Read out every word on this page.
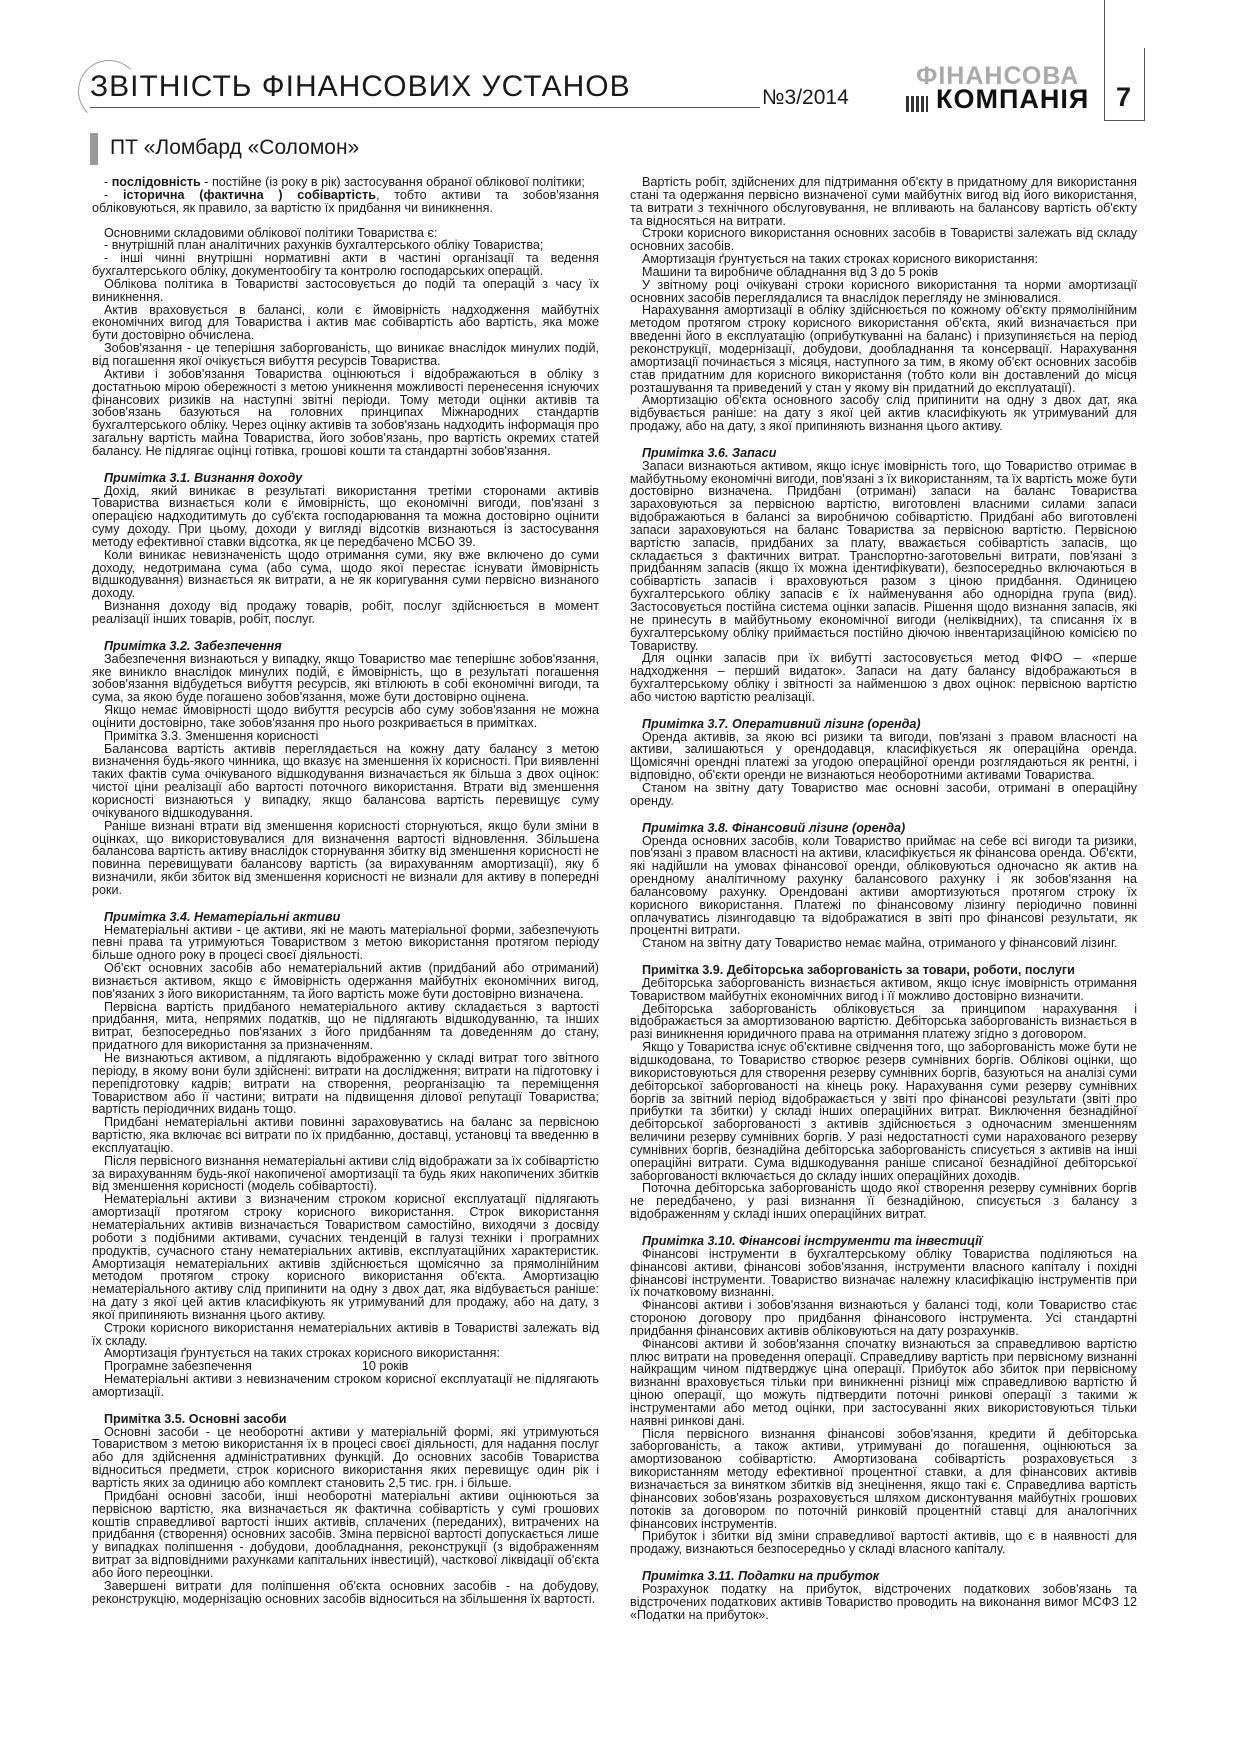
ЗВІТНІСТЬ ФІНАНСОВИХ УСТАНОВ	№3/2014
ФІНАНСОВА
КОМПАНІЯ 7
ПТ «Ломбард «Соломон»

- послідовність - постійне (із року в рік) застосування обраної облікової політики;

- історична (фактична ) собівартість, тобто активи та зобов'язання обліковуються, як правило, за вартістю їх придбання чи виникнення.

Основними складовими облікової політики Товариства є:

- внутрішній план аналітичних рахунків бухгалтерського обліку Товариства;

- інші чинні внутрішні нормативні акти в частині організації та ведення бухгалтерського обліку, документообігу та контролю господарських операцій.

Облікова політика в Товаристві застосовується до подій та операцій з часу їх виникнення.

Актив враховується в балансі, коли є ймовірність надходження майбутніх економічних вигод для Товариства і актив має собівартість або вартість, яка може бути достовірно обчислена.

Зобов'язання - це теперішня заборгованість, що виникає внаслідок минулих подій, від погашення якої очікується вибуття ресурсів Товариства.

Активи і зобов'язання Товариства оцінюються і відображаються в обліку з достатньою мірою обережності з метою уникнення можливості перенесення існуючих фінансових ризиків на наступні звітні періоди. Тому методи оцінки активів та зобов'язань базуються на головних принципах Міжнародних стандартів бухгалтерського обліку. Через оцінку активів та зобов'язань надходить інформація про загальну вартість майна Товариства, його зобов'язань, про вартість окремих статей балансу. Не підлягає оцінці готівка, грошові кошти та стандартні зобов'язання.

Примітка 3.1. Визнання доходу

Дохід, який виникає в результаті використання третіми сторонами активів Товариства визнається коли є ймовірність, що економічні вигоди, пов'язані з операцією надходитимуть до суб'єкта господарювання та можна достовірно оцінити суму доходу. При цьому, доходи у вигляді відсотків визнаються із застосування методу ефективної ставки відсотка, як це передбачено МСБО 39.

Коли виникає невизначеність щодо отримання суми, яку вже включено до суми доходу, недотримана сума (або сума, щодо якої перестає існувати ймовірність відшкодування) визнається як витрати, а не як коригування суми первісно визнаного доходу.

Визнання доходу від продажу товарів, робіт, послуг здійснюється в момент реалізації інших товарів, робіт, послуг.

Примітка 3.2. Забезпечення

Забезпечення визнаються у випадку, якщо Товариство має теперішнє зобов'язання, яке виникло внаслідок минулих подій, є ймовірність, що в результаті погашення зобов'язання відбудеться вибуття ресурсів, які втілюють в собі економічні вигоди, та сума, за якою буде погашено зобов'язання, може бути достовірно оцінена.

Якщо немає ймовірності щодо вибуття ресурсів або суму зобов'язання не можна оцінити достовірно, таке зобов'язання про нього розкривається в примітках.

Примітка 3.3. Зменшення корисності

Балансова вартість активів переглядається на кожну дату балансу з метою визначення будь-якого чинника, що вказує на зменшення їх корисності. При виявленні таких фактів сума очікуваного відшкодування визначається як більша з двох оцінок: чистої ціни реалізації або вартості поточного використання. Втрати від зменшення корисності визнаються у випадку, якщо балансова вартість перевищує суму очікуваного відшкодування.

Раніше визнані втрати від зменшення корисності сторнуються, якщо були зміни в оцінках, що використовувалися для визначення вартості відновлення. Збільшена балансова вартість активу внаслідок сторнування збитку від зменшення корисності не повинна перевищувати балансову вартість (за вирахуванням амортизації), яку б визначили, якби збиток від зменшення корисності не визнали для активу в попередні роки.

Примітка 3.4. Нематеріальні активи

Нематеріальні активи - це активи, які не мають матеріальної форми, забезпечують певні права та утримуються Товариством з метою використання протягом періоду більше одного року в процесі своєї діяльності.

Об'єкт основних засобів або нематеріальний актив (придбаний або отриманий) визнається активом, якщо є ймовірність одержання майбутніх економічних вигод, пов'язаних з його використанням, та його вартість може бути достовірно визначена.

Первісна вартість придбаного нематеріального активу складається з вартості придбання, мита, непрямих податків, що не підлягають відшкодуванню, та інших витрат, безпосередньо пов'язаних з його придбанням та доведенням до стану, придатного для використання за призначенням.

Не визнаються активом, а підлягають відображенню у складі витрат того звітного періоду, в якому вони були здійснені: витрати на дослідження; витрати на підготовку і перепідготовку кадрів; витрати на створення, реорганізацію та переміщення Товариством або її частини; витрати на підвищення ділової репутації Товариства; вартість періодичних видань тощо.

Придбані нематеріальні активи повинні зараховуватись на баланс за первісною вартістю, яка включає всі витрати по їх придбанню, доставці, установці та введенню в експлуатацію.

Після первісного визнання нематеріальні активи слід відображати за їх собівартістю за вирахуванням будь-якої накопиченої амортизації та будь яких накопичених збитків від зменшення корисності (модель собівартості).

Нематеріальні активи з визначеним строком корисної експлуатації підлягають амортизації протягом строку корисного використання. Строк використання нематеріальних активів визначається Товариством самостійно, виходячи з досвіду роботи з подібними активами, сучасних тенденцій в галузі техніки і програмних продуктів, сучасного стану нематеріальних активів, експлуатаційних характеристик. Амортизація нематеріальних активів здійснюється щомісячно за прямолінійним методом протягом строку корисного використання об'єкта. Амортизацію нематеріального активу слід припинити на одну з двох дат, яка відбувається раніше: на дату з якої цей актив класифікують як утримуваний для продажу, або на дату, з якої припиняють визнання цього активу.

Строки корисного використання нематеріальних активів в Товаристві залежать від їх складу.

Амортизація ґрунтується на таких строках корисного використання:

Програмне забезпечення	10 років

Нематеріальні активи з невизначеним строком корисної експлуатації не підлягають амортизації.

Примітка 3.5. Основні засоби

Основні засоби - це необоротні активи у матеріальній формі, які утримуються Товариством з метою використання їх в процесі своєї діяльності, для надання послуг або для здійснення адміністративних функцій. До основних засобів Товариства відноситься предмети, строк корисного використання яких перевищує один рік і вартість яких за одиницю або комплект становить 2,5 тис. грн. і більше.

Придбані основні засоби, інші необоротні матеріальні активи оцінюються за первісною вартістю, яка визначається як фактична собівартість у сумі грошових коштів справедливої вартості інших активів, сплачених (переданих), витрачених на придбання (створення) основних засобів. Зміна первісної вартості допускається лише у випадках поліпшення - добудови, дообладнання, реконструкції (з відображенням витрат за відповідними рахунками капітальних інвестицій), часткової ліквідації об'єкта або його переоцінки.

Завершені витрати для поліпшення об'єкта основних засобів - на добудову, реконструкцію, модернізацію основних засобів відноситься на збільшення їх вартості.

Вартість робіт, здійснених для підтримання об'єкту в придатному для використання стані та одержання первісно визначеної суми майбутніх вигод від його використання, та витрати з технічного обслуговування, не впливають на балансову вартість об'єкту та відносяться на витрати.

Строки корисного використання основних засобів в Товаристві залежать від складу основних засобів.

Амортизація ґрунтується на таких строках корисного використання:

Машини та виробниче обладнання від 3 до 5 років

У звітному році очікувані строки корисного використання та норми амортизації основних засобів переглядалися та внаслідок перегляду не змінювалися.

Нарахування амортизації в обліку здійснюється по кожному об'єкту прямолінійним методом протягом строку корисного використання об'єкта, який визначається при введенні його в експлуатацію (оприбуткуванні на баланс) і призупиняється на період реконструкції, модернізації, добудови, дообладнання та консервації. Нарахування амортизації починається з місяця, наступного за тим, в якому об'єкт основних засобів став придатним для корисного використання (тобто коли він доставлений до місця розташування та приведений у стан у якому він придатний до експлуатації).

Амортизацію об'єкта основного засобу слід припинити на одну з двох дат, яка відбувається раніше: на дату з якої цей актив класифікують як утримуваний для продажу, або на дату, з якої припиняють визнання цього активу.

Примітка 3.6. Запаси

Запаси визнаються активом, якщо існує імовірність того, що Товариство отримає в майбутньому економічні вигоди, пов'язані з їх використанням, та їх вартість може бути достовірно визначена. Придбані (отримані) запаси на баланс Товариства зараховуються за первісною вартістю, виготовлені власними силами запаси відображаються в балансі за виробничою собівартістю. Придбані або виготовлені запаси зараховуються на баланс Товариства за первісною вартістю. Первісною вартістю запасів, придбаних за плату, вважається собівартість запасів, що складається з фактичних витрат. Транспортно-заготовельні витрати, пов'язані з придбанням запасів (якщо їх можна ідентифікувати), безпосередньо включаються в собівартість запасів і враховуються разом з ціною придбання. Одиницею бухгалтерського обліку запасів є їх найменування або однорідна група (вид). Застосовується постійна система оцінки запасів. Рішення щодо визнання запасів, які не принесуть в майбутньому економічної вигоди (неліквідних), та списання їх в бухгалтерському обліку приймається постійно діючою інвентаризаційною комісією по Товариству.

Для оцінки запасів при їх вибутті застосовується метод ФІФО – «перше надходження – перший видаток». Запаси на дату балансу відображаються в бухгалтерському обліку і звітності за найменшою з двох оцінок: первісною вартістю або чистою вартістю реалізації.

Примітка 3.7. Оперативний лізинг (оренда)

Оренда активів, за якою всі ризики та вигоди, пов'язані з правом власності на активи, залишаються у орендодавця, класифікується як операційна оренда. Щомісячні орендні платежі за угодою операційної оренди розглядаються як рентні, і відповідно, об'єкти оренди не визнаються необоротними активами Товариства.

Станом на звітну дату Товариство має основні засоби, отримані в операційну оренду.

Примітка 3.8. Фінансовий лізинг (оренда)

Оренда основних засобів, коли Товариство приймає на себе всі вигоди та ризики, пов'язані з правом власності на активи, класифікується як фінансова оренда. Об'єкти, які надійшли на умовах фінансової оренди, обліковуються одночасно як актив на орендному аналітичному рахунку балансового рахунку і як зобов'язання на балансовому рахунку. Орендовані активи амортизуються протягом строку їх корисного використання. Платежі по фінансовому лізингу періодично повинні оплачуватись лізингодавцю та відображатися в звіті про фінансові результати, як процентні витрати.

Станом на звітну дату Товариство немає майна, отриманого у фінансовий лізинг.

Примітка 3.9. Дебіторська заборгованість за товари, роботи, послуги

Дебіторська заборгованість визнається активом, якщо існує імовірність отримання Товариством майбутніх економічних вигод і її можливо достовірно визначити.

Дебіторська заборгованість обліковується за принципом нарахування і відображається за амортизованою вартістю. Дебіторська заборгованість визнається в разі виникнення юридичного права на отримання платежу згідно з договором.

Якщо у Товариства існує об'єктивне свідчення того, що заборгованість може бути не відшкодована, то Товариство створює резерв сумнівних боргів. Облікові оцінки, що використовуються для створення резерву сумнівних боргів, базуються на аналізі суми дебіторської заборгованості на кінець року. Нарахування суми резерву сумнівних боргів за звітний період відображається у звіті про фінансові результати (звіті про прибутки та збитки) у складі інших операційних витрат. Виключення безнадійної дебіторської заборгованості з активів здійснюється з одночасним зменшенням величини резерву сумнівних боргів. У разі недостатності суми нарахованого резерву сумнівних боргів, безнадійна дебіторська заборгованість списується з активів на інші операційні витрати. Сума відшкодування раніше списаної безнадійної дебіторської заборгованості включається до складу інших операційних доходів.

Поточна дебіторська заборгованість щодо якої створення резерву сумнівних боргів не передбачено, у разі визнання її безнадійною, списується з балансу з відображенням у складі інших операційних витрат.

Примітка 3.10. Фінансові інструменти та інвестиції

Фінансові інструменти в бухгалтерському обліку Товариства поділяються на фінансові активи, фінансові зобов'язання, інструменти власного капіталу і похідні фінансові інструменти. Товариство визначає належну класифікацію інструментів при їх початковому визнанні.

Фінансові активи і зобов'язання визнаються у балансі тоді, коли Товариство стає стороною договору про придбання фінансового інструмента. Усі стандартні придбання фінансових активів обліковуються на дату розрахунків.

Фінансові активи й зобов'язання спочатку визнаються за справедливою вартістю плюс витрати на проведення операції. Справедливу вартість при первісному визнанні найкращим чином підтверджує ціна операції. Прибуток або збиток при первісному визнанні враховується тільки при виникненні різниці між справедливою вартістю й ціною операції, що можуть підтвердити поточні ринкові операції з такими ж інструментами або метод оцінки, при застосуванні яких використовуються тільки наявні ринкові дані.

Після первісного визнання фінансові зобов'язання, кредити й дебіторська заборгованість, а також активи, утримувані до погашення, оцінюються за амортизованою собівартістю. Амортизована собівартість розраховується з використанням методу ефективної процентної ставки, а для фінансових активів визначається за винятком збитків від знецінення, якщо такі є. Справедлива вартість фінансових зобов'язань розраховується шляхом дисконтування майбутніх грошових потоків за договором по поточній ринковій процентній ставці для аналогічних фінансових інструментів.

Прибуток і збитки від зміни справедливої вартості активів, що є в наявності для продажу, визнаються безпосередньо у складі власного капіталу.

Примітка 3.11. Податки на прибуток

Розрахунок податку на прибуток, відстрочених податкових зобов'язань та відстрочених податкових активів Товариство проводить на виконання вимог МСФЗ 12 «Податки на прибуток».
